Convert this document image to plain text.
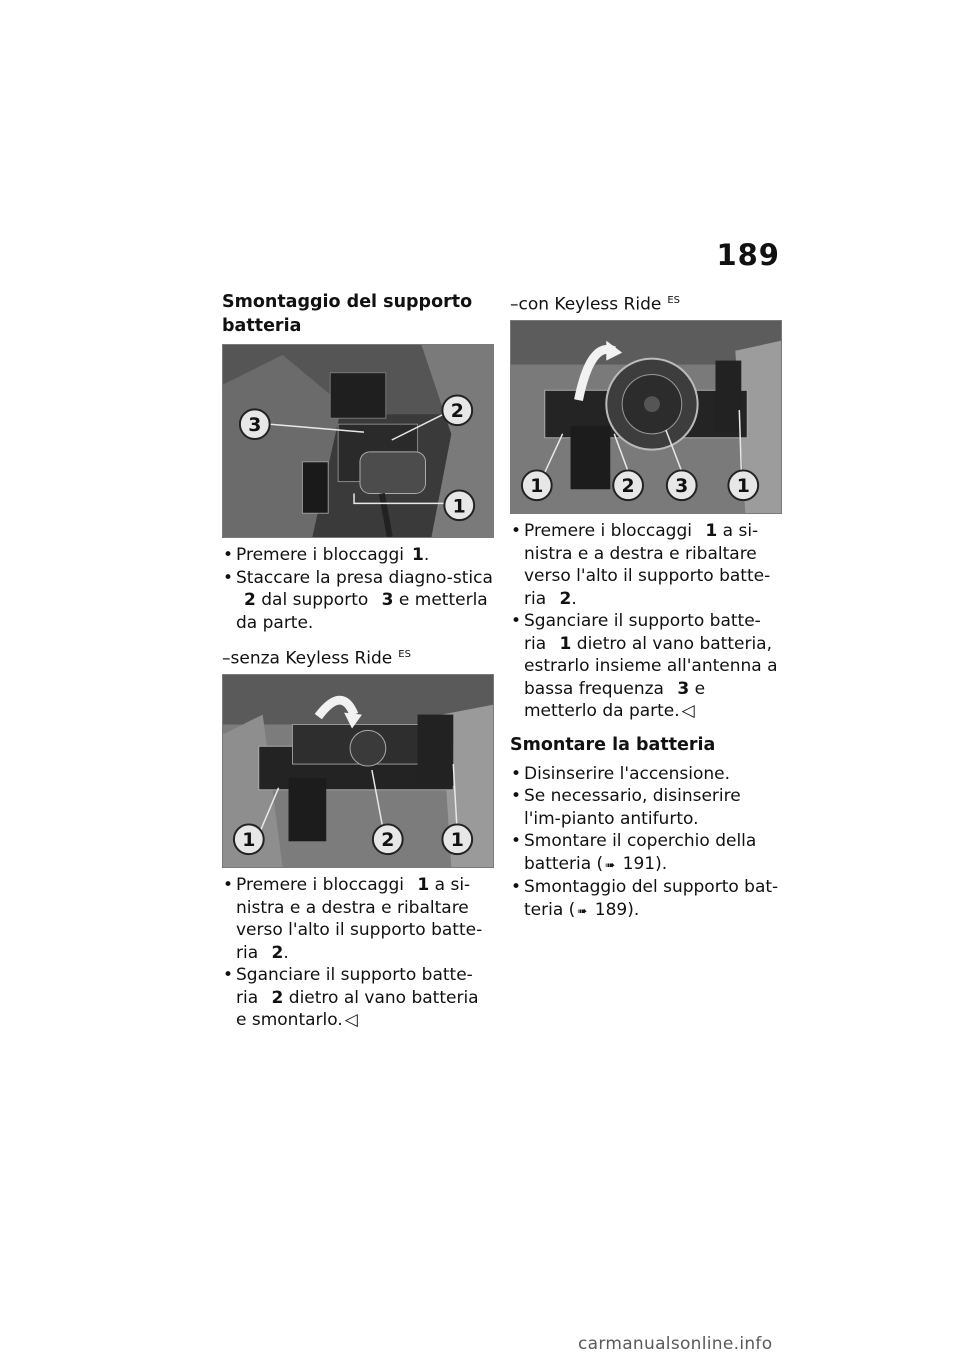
189
Smontaggio del supporto batteria
3
2
1
• Premere i bloccaggi 1.
• Staccare la presa diagno-stica 2 dal supporto 3 e metterla da parte.
–senza Keyless Ride $^{ES}$
1	2	1
• Premere i bloccaggi 1 a si-nistra e a destra e ribaltare verso l'alto il supporto batte-ria 2.
• Sganciare il supporto batte-ria 2 dietro al vano batteria e smontarlo. ◁
–con Keyless Ride $^{ES}$
1	2 3	1
• Premere i bloccaggi 1 a si-nistra e a destra e ribaltare verso l'alto il supporto batte-ria 2.
• Sganciare il supporto batte-ria 1 dietro al vano batteria, estrarlo insieme all'antenna a bassa frequenza 3 e metterlo da parte. ◁
Smontare la batteria
• Disinserire l'accensione.
• Se necessario, disinserire l'im-pianto antifurto.
• Smontare il coperchio della batteria ( ➠ 191).
• Smontaggio del supporto bat-teria ( ➠ 189).
carmanualsonline.info
